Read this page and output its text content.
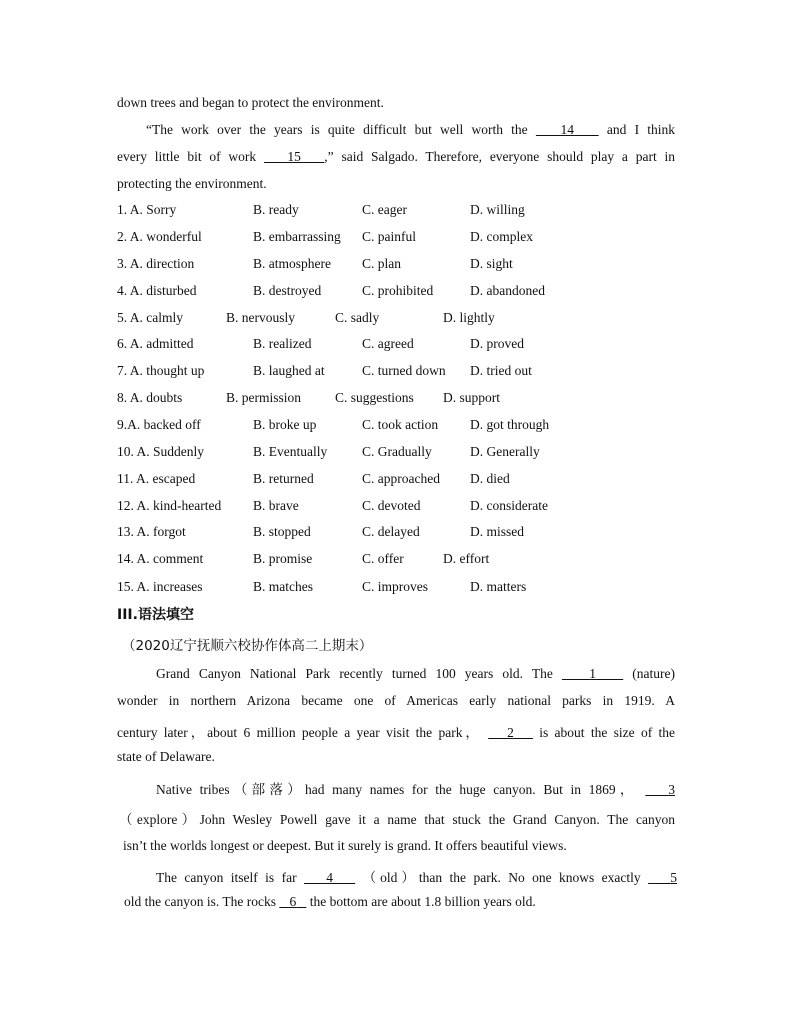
down trees and began to protect the environment.
“The work over the years is quite difficult but well worth the 14 and I think
every little bit of work 15 ,” said Salgado. Therefore, everyone should play a part in
protecting the environment.
1. A. Sorry	B. ready	C. eager	D. willing
2. A. wonderful	B. embarrassing C. painful	D. complex
3. A. direction	B. atmosphere C. plan	D. sight
4. A. disturbed	B. destroyed	C. prohibited	D. abandoned
5. A. calmly	B. nervously	C. sadly	D. lightly
6. A. admitted	B. realized	C. agreed	D. proved
7. A. thought up	B. laughed at	C. turned down D. tried out
8. A. doubts	B. permission	C. suggestions D. support
9.A. backed off	B. broke up	C. took action D. got through
10. A. Suddenly	B. Eventually	C. Gradually	D. Generally
11. A. escaped	B. returned	C. approached D. died
12. A. kind-hearted B. brave	C. devoted	D. considerate
13. A. forgot	B. stopped	C. delayed	D. missed
14. A. comment	B. promise	C. offer	D. effort
15. A. increases	B. matches	C. improves	D. matters
III.语法填空
（2020辽宁抚顺六校协作体高二上期末）
Grand Canyon National Park recently turned 100 years old. The	1	(nature)
wonder in northern Arizona became one of Americas early national parks in 1919. A
century later，about 6 million people a year visit the park， 2 is about the size of the
state of Delaware.
Native tribes（部落）had many names for the huge canyon. But in 1869， 3
（explore）John Wesley Powell gave it a name that stuck the Grand Canyon. The canyon
isn’t the worlds longest or deepest. But it surely is grand. It offers beautiful views.
The canyon itself is far 4 （old）than the park. No one knows exactly 5
old the canyon is. The rocks 6 the bottom are about 1.8 billion years old.
